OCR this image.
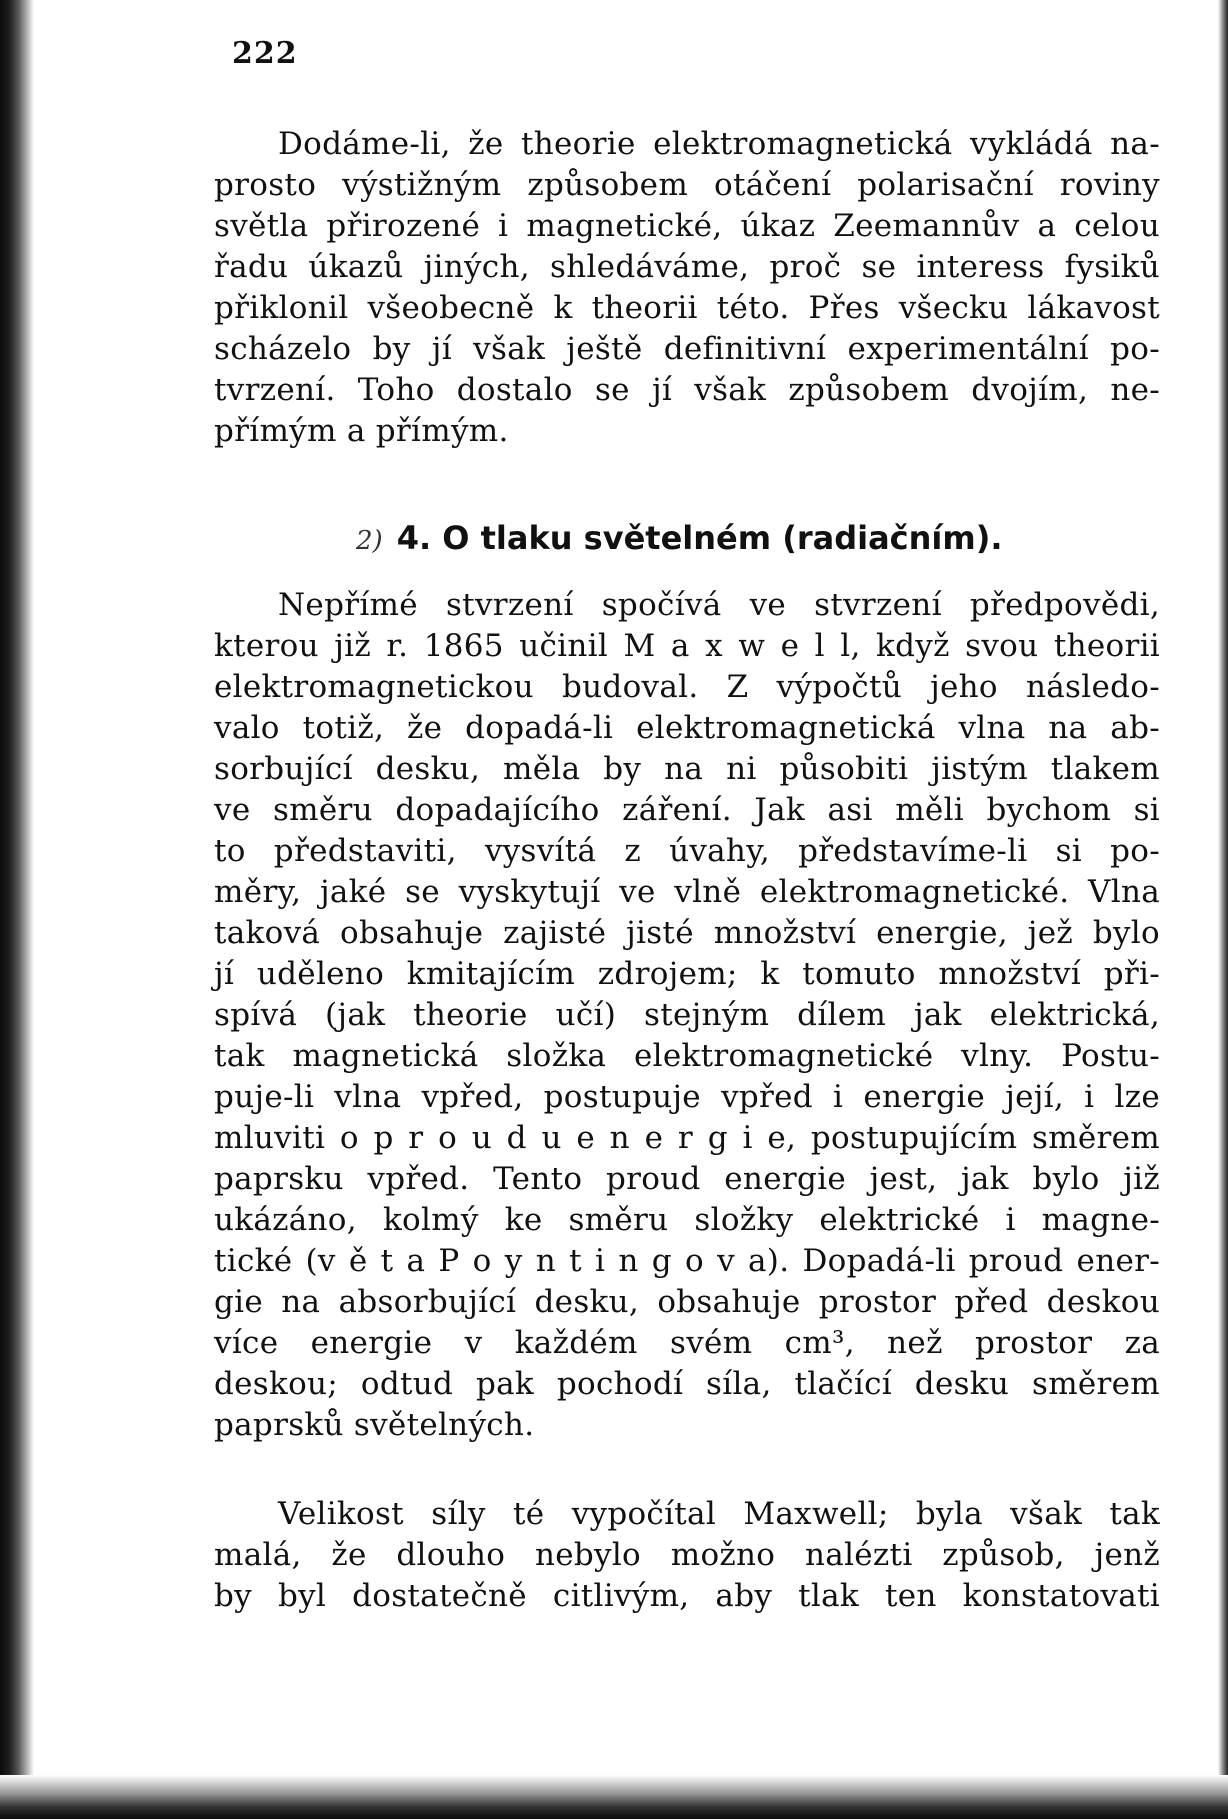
222
Dodáme-li, že theorie elektromagnetická vykládá na-
prosto výstižným způsobem otáčení polarisační roviny
světla přirozené i magnetické, úkaz Zeemannův a celou
řadu úkazů jiných, shledáváme, proč se interess fysiků
přiklonil všeobecně k theorii této. Přes všecku lákavost
scházelo by jí však ještě definitivní experimentální po-
tvrzení. Toho dostalo se jí však způsobem dvojím, ne-
přímým a přímým.
2) 4. O tlaku světelném (radiačním).
Nepřímé stvrzení spočívá ve stvrzení předpovědi,
kterou již r. 1865 učinil M a x w e l l, když svou theorii
elektromagnetickou budoval. Z výpočtů jeho následo-
valo totiž, že dopadá-li elektromagnetická vlna na ab-
sorbující desku, měla by na ni působiti jistým tlakem
ve směru dopadajícího záření. Jak asi měli bychom si
to představiti, vysvítá z úvahy, představíme-li si po-
měry, jaké se vyskytují ve vlně elektromagnetické. Vlna
taková obsahuje zajisté jisté množství energie, jež bylo
jí uděleno kmitajícím zdrojem; k tomuto množství při-
spívá (jak theorie učí) stejným dílem jak elektrická,
tak magnetická složka elektromagnetické vlny. Postu-
puje-li vlna vpřed, postupuje vpřed i energie její, i lze
mluviti o p r o u d u e n e r g i e, postupujícím směrem
paprsku vpřed. Tento proud energie jest, jak bylo již
ukázáno, kolmý ke směru složky elektrické i magne-
tické (v ě t a P o y n t i n g o v a). Dopadá-li proud ener-
gie na absorbující desku, obsahuje prostor před deskou
více energie v každém svém cm³, než prostor za
deskou; odtud pak pochodí síla, tlačící desku směrem
paprsků světelných.
Velikost síly té vypočítal Maxwell; byla však tak
malá, že dlouho nebylo možno nalézti způsob, jenž
by byl dostatečně citlivým, aby tlak ten konstatovati
